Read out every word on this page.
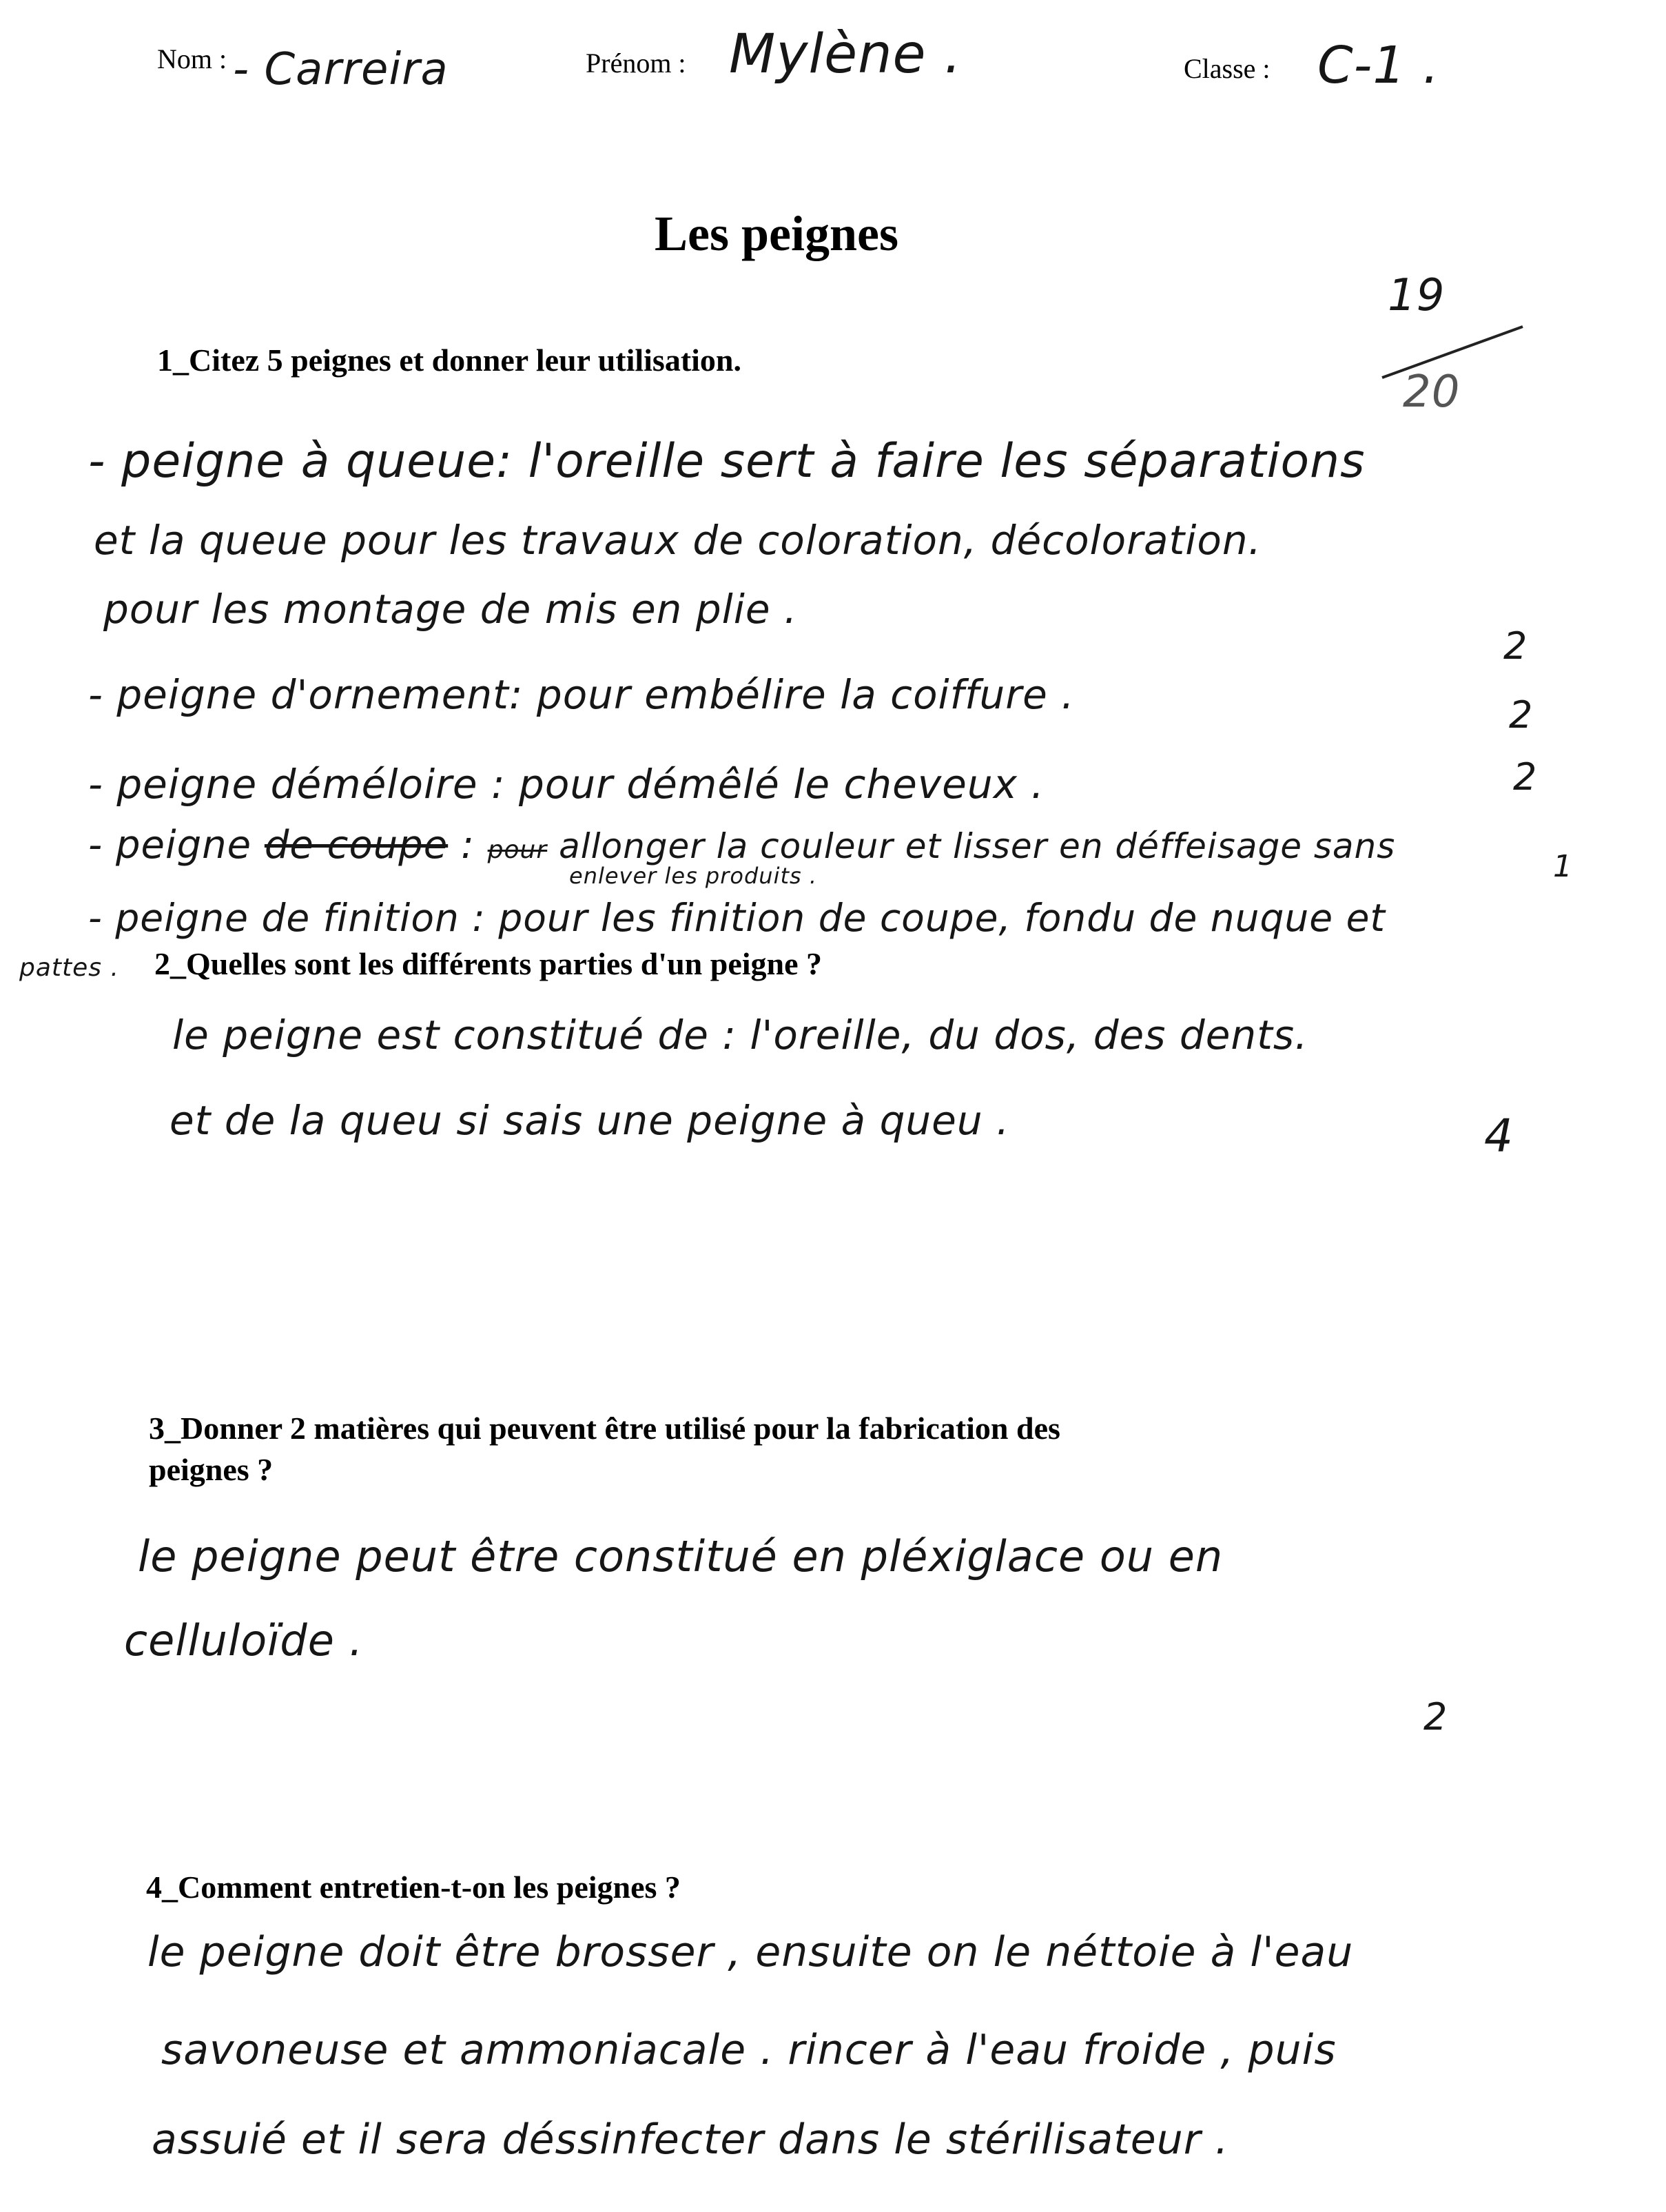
Nom : - Carreira	Prénom : Mylène .	Classe : C-1 .
Les peignes
19
20
1_Citez 5 peignes et donner leur utilisation.
- peigne à queue: l'oreille sert à faire les séparations
et la queue pour les travaux de coloration, décoloration.
pour les montage de mis en plie .
- peigne d'ornement: pour embélire la coiffure .
- peigne déméloire : pour démêlé le cheveux .
- peigne de coupe : pour allonger la couleur et lisser en déffeisage sans
enlever les produits .
- peigne de finition : pour les finition de coupe, fondu de nuque et
pattes .
2
2
2
1
2_Quelles sont les différents parties d'un peigne ?
le peigne est constitué de : l'oreille, du dos, des dents.
et de la queu si sais une peigne à queu .	4
3_Donner 2 matières qui peuvent être utilisé pour la fabrication des
peignes ?
le peigne peut être constitué en pléxiglace ou en
celluloïde .
2
4_Comment entretien-t-on les peignes ?
le peigne doit être brosser , ensuite on le néttoie à l'eau
savoneuse et ammoniacale . rincer à l'eau froide , puis
assuié et il sera déssinfecter dans le stérilisateur .
